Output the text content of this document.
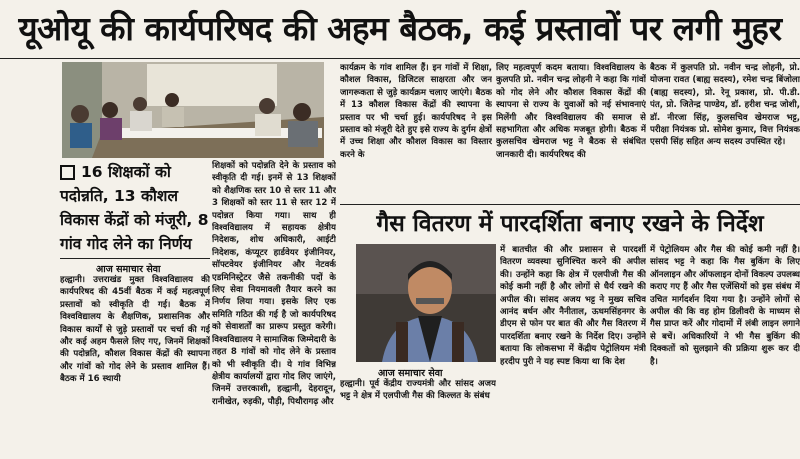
यूओयू की कार्यपरिषद की अहम बैठक, कई प्रस्तावों पर लगी मुहर
16 शिक्षकों को पदोन्नति, 13 कौशल विकास केंद्रों को मंजूरी, 8 गांव गोद लेने का निर्णय
आज समाचार सेवा
हल्द्वानी। उत्तराखंड मुक्त विश्वविद्यालय की कार्यपरिषद की 45वीं बैठक में कई महत्वपूर्ण प्रस्तावों को स्वीकृति दी गई। बैठक में विश्वविद्यालय के शैक्षणिक, प्रशासनिक और विकास कार्यों से जुड़े प्रस्तावों पर चर्चा की गई और कई अहम फैसले लिए गए, जिनमें शिक्षकों की पदोन्नति, कौशल विकास केंद्रों की स्थापना और गांवों को गोद लेने के प्रस्ताव शामिल हैं। बैठक में 16 स्थायी
शिक्षकों को पदोन्नति देने के प्रस्ताव को स्वीकृति दी गई। इनमें से 13 शिक्षकों को शैक्षणिक स्तर 10 से स्तर 11 और 3 शिक्षकों को स्तर 11 से स्तर 12 में पदोन्नत किया गया। साथ ही विश्वविद्यालय में सहायक क्षेत्रीय निदेशक, शोध अधिकारी, आईटी निदेशक, कंप्यूटर हार्डवेयर इंजीनियर, सॉफ्टवेयर इंजीनियर और नेटवर्क एडमिनिस्ट्रेटर जैसे तकनीकी पदों के लिए सेवा नियमावली तैयार करने का निर्णय लिया गया। इसके लिए एक समिति गठित की गई है जो कार्यपरिषद को सेवाशर्तों का प्रारूप प्रस्तुत करेगी। विश्वविद्यालय ने सामाजिक जिम्मेदारी के तहत 8 गांवों को गोद लेने के प्रस्ताव को भी स्वीकृति दी। ये गांव विभिन्न क्षेत्रीय कार्यालयों द्वारा गोद लिए जाएंगे, जिनमें उत्तरकाशी, हल्द्वानी, देहरादून, रानीखेत, रुड़की, पौड़ी, पिथौरागढ़ और
कार्यक्रम के गांव शामिल हैं। इन गांवों में शिक्षा, कौशल विकास, डिजिटल साक्षरता और जन जागरूकता से जुड़े कार्यक्रम चलाए जाएंगे। बैठक में 13 कौशल विकास केंद्रों की स्थापना के प्रस्ताव पर भी चर्चा हुई। कार्यपरिषद ने इस प्रस्ताव को मंजूरी देते हुए इसे राज्य के दुर्गम क्षेत्रों में उच्च शिक्षा और कौशल विकास का विस्तार करने के
लिए महत्वपूर्ण कदम बताया। विश्वविद्यालय के कुलपति प्रो. नवीन चन्द्र लोहनी ने कहा कि गांवों को गोद लेने और कौशल विकास केंद्रों की स्थापना से राज्य के युवाओं को नई संभावनाएं मिलेंगी और विश्वविद्यालय की समाज से सहभागिता और अधिक मजबूत होगी। बैठक में कुलसचिव खेमराज भट्ट ने बैठक से संबंधित जानकारी दी। कार्यपरिषद की
बैठक में कुलपति प्रो. नवीन चन्द्र लोहनी, प्रो. योजना रावत (बाह्य सदस्य), रमेश चन्द्र बिंजोला (बाह्य सदस्य), प्रो. रेनू प्रकाश, प्रो. पी.डी. पंत, प्रो. जितेन्द्र पाण्डेय, डॉ. हरीश चन्द्र जोशी, डॉ. नीरजा सिंह, कुलसचिव खेमराज भट्ट, परीक्षा नियंत्रक प्रो. सोमेश कुमार, वित्त नियंत्रक एसपी सिंह सहित अन्य सदस्य उपस्थित रहे।
गैस वितरण में पारदर्शिता बनाए रखने के निर्देश
आज समाचार सेवा
हल्द्वानी। पूर्व केंद्रीय राज्यमंत्री और सांसद अजय भट्ट ने क्षेत्र में एलपीजी गैस की किल्लत के संबंध
में बातचीत की और प्रशासन से पारदर्शी वितरण व्यवस्था सुनिश्चित करने की अपील की। उन्होंने कहा कि क्षेत्र में एलपीजी गैस की कोई कमी नहीं है और लोगों से धैर्य रखने की अपील की। सांसद अजय भट्ट ने मुख्य सचिव आनंद बर्धन और नैनीताल, ऊधमसिंहनगर के डीएम से फोन पर बात की और गैस वितरण में पारदर्शिता बनाए रखने के निर्देश दिए। उन्होंने बताया कि लोकसभा में केंद्रीय पेट्रोलियम मंत्री हरदीप पुरी ने यह स्पष्ट किया था कि देश
में पेट्रोलियम और गैस की कोई कमी नहीं है। सांसद भट्ट ने कहा कि गैस बुकिंग के लिए ऑनलाइन और ऑफलाइन दोनों विकल्प उपलब्ध कराए गए हैं और गैस एजेंसियों को इस संबंध में उचित मार्गदर्शन दिया गया है। उन्होंने लोगों से अपील की कि वह होम डिलीवरी के माध्यम से गैस प्राप्त करें और गोदामों में लंबी लाइन लगाने से बचें। अधिकारियों ने भी गैस बुकिंग की दिक्कतों को सुलझाने की प्रक्रिया शुरू कर दी है।
